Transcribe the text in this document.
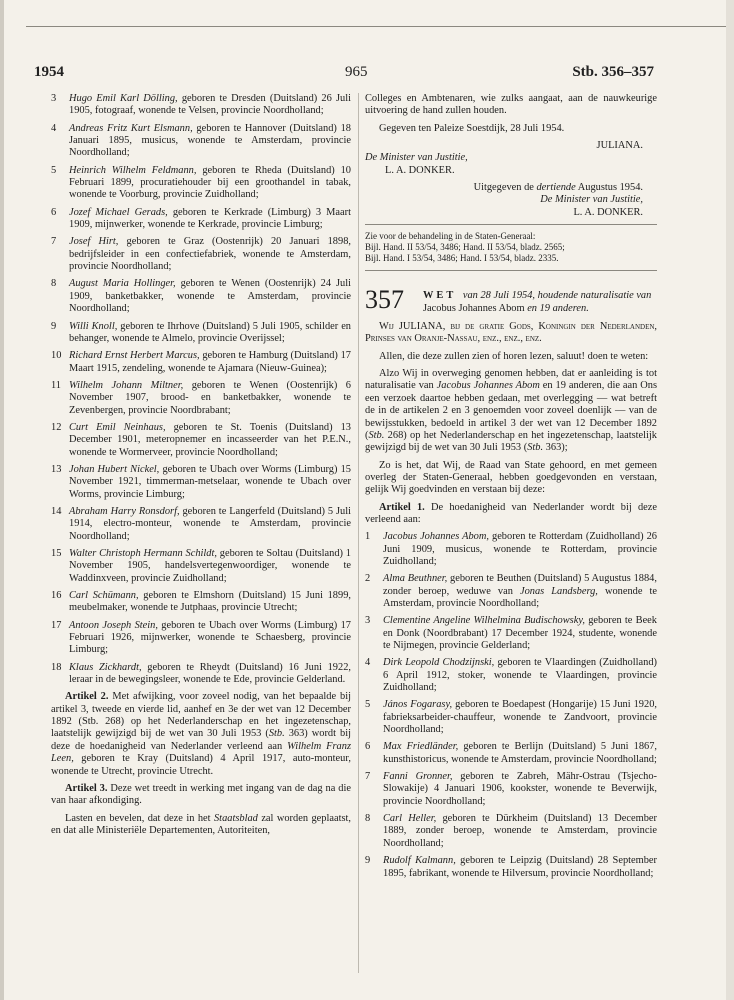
1954	965	Stb. 356–357
3	Hugo Emil Karl Dölling, geboren te Dresden (Duitsland) 26 Juli 1905, fotograaf, wonende te Velsen, provincie Noordholland;
4	Andreas Fritz Kurt Elsmann, geboren te Hannover (Duitsland) 18 Januari 1895, musicus, wonende te Amsterdam, provincie Noordholland;
5	Heinrich Wilhelm Feldmann, geboren te Rheda (Duitsland) 10 Februari 1899, procuratiehouder bij een groothandel in tabak, wonende te Voorburg, provincie Zuidholland;
6	Jozef Michael Gerads, geboren te Kerkrade (Limburg) 3 Maart 1909, mijnwerker, wonende te Kerkrade, provincie Limburg;
7	Josef Hirt, geboren te Graz (Oostenrijk) 20 Januari 1898, bedrijfsleider in een confectiefabriek, wonende te Amsterdam, provincie Noordholland;
8	August Maria Hollinger, geboren te Wenen (Oostenrijk) 24 Juli 1909, banketbakker, wonende te Amsterdam, provincie Noordholland;
9	Willi Knoll, geboren te Ihrhove (Duitsland) 5 Juli 1905, schilder en behanger, wonende te Almelo, provincie Overijssel;
10 Richard Ernst Herbert Marcus, geboren te Hamburg (Duitsland) 17 Maart 1915, zendeling, wonende te Ajamara (Nieuw-Guinea);
11 Wilhelm Johann Miltner, geboren te Wenen (Oostenrijk) 6 November 1907, brood- en banketbakker, wonende te Zevenbergen, provincie Noordbrabant;
12 Curt Emil Neinhaus, geboren te St. Toenis (Duitsland) 13 December 1901, meteropnemer en incasseerder van het P.E.N., wonende te Wormerveer, provincie Noordholland;
13 Johan Hubert Nickel, geboren te Ubach over Worms (Limburg) 15 November 1921, timmerman-metselaar, wonende te Ubach over Worms, provincie Limburg;
14 Abraham Harry Ronsdorf, geboren te Langerfeld (Duitsland) 5 Juli 1914, electro-monteur, wonende te Amsterdam, provincie Noordholland;
15 Walter Christoph Hermann Schildt, geboren te Soltau (Duitsland) 1 November 1905, handelsvertegenwoordiger, wonende te Waddinxveen, provincie Zuidholland;
16 Carl Schümann, geboren te Elmshorn (Duitsland) 15 Juni 1899, meubelmaker, wonende te Jutphaas, provincie Utrecht;
17 Antoon Joseph Stein, geboren te Ubach over Worms (Limburg) 17 Februari 1926, mijnwerker, wonende te Schaesberg, provincie Limburg;
18 Klaus Zickhardt, geboren te Rheydt (Duitsland) 16 Juni 1922, leraar in de bewegingsleer, wonende te Ede, provincie Gelderland.
Artikel 2. Met afwijking, voor zoveel nodig, van het bepaalde bij artikel 3, tweede en vierde lid, aanhef en 3e der wet van 12 December 1892 (Stb. 268) op het Nederlanderschap en het ingezetenschap, laatstelijk gewijzigd bij de wet van 30 Juli 1953 (Stb. 363) wordt bij deze de hoedanigheid van Nederlander verleend aan Wilhelm Franz Leen, geboren te Kray (Duitsland) 4 April 1917, auto-monteur, wonende te Utrecht, provincie Utrecht.
Artikel 3. Deze wet treedt in werking met ingang van de dag na die van haar afkondiging.
Lasten en bevelen, dat deze in het Staatsblad zal worden geplaatst, en dat alle Ministeriële Departementen, Autoriteiten,
Colleges en Ambtenaren, wie zulks aangaat, aan de nauwkeurige uitvoering de hand zullen houden.
Gegeven ten Paleize Soestdijk, 28 Juli 1954.
JULIANA.
De Minister van Justitie,
L. A. DONKER.
Uitgegeven de dertiende Augustus 1954.
De Minister van Justitie,
L. A. DONKER.
Zie voor de behandeling in de Staten-Generaal:
Bijl. Hand. II 53/54, 3486; Hand. II 53/54, bladz. 2565;
Bijl. Hand. I 53/54, 3486; Hand. I 53/54, bladz. 2335.
357	WET van 28 Juli 1954, houdende naturalisatie van Jacobus Johannes Abom en 19 anderen.
Wij JULIANA, bij de gratie Gods, Koningin der Nederlanden, Prinses van Oranje-Nassau, enz., enz., enz.
Allen, die deze zullen zien of horen lezen, saluut! doen te weten:
Alzo Wij in overweging genomen hebben, dat er aanleiding is tot naturalisatie van Jacobus Johannes Abom en 19 anderen, die aan Ons een verzoek daartoe hebben gedaan, met overlegging — wat betreft de in de artikelen 2 en 3 genoemden voor zoveel doenlijk — van de bewijsstukken, bedoeld in artikel 3 der wet van 12 December 1892 (Stb. 268) op het Nederlanderschap en het ingezetenschap, laatstelijk gewijzigd bij de wet van 30 Juli 1953 (Stb. 363);
Zo is het, dat Wij, de Raad van State gehoord, en met gemeen overleg der Staten-Generaal, hebben goedgevonden en verstaan, gelijk Wij goedvinden en verstaan bij deze:
Artikel 1. De hoedanigheid van Nederlander wordt bij deze verleend aan:
1	Jacobus Johannes Abom, geboren te Rotterdam (Zuidholland) 26 Juni 1909, musicus, wonende te Rotterdam, provincie Zuidholland;
2	Alma Beuthner, geboren te Beuthen (Duitsland) 5 Augustus 1884, zonder beroep, weduwe van Jonas Landsberg, wonende te Amsterdam, provincie Noordholland;
3	Clementine Angeline Wilhelmina Budischowsky, geboren te Beek en Donk (Noordbrabant) 17 December 1924, studente, wonende te Nijmegen, provincie Gelderland;
4	Dirk Leopold Chodzijnski, geboren te Vlaardingen (Zuidholland) 6 April 1912, stoker, wonende te Vlaardingen, provincie Zuidholland;
5	János Fogarasy, geboren te Boedapest (Hongarije) 15 Juni 1920, fabrieksarbeider-chauffeur, wonende te Zandvoort, provincie Noordholland;
6	Max Friedländer, geboren te Berlijn (Duitsland) 5 Juni 1867, kunsthistoricus, wonende te Amsterdam, provincie Noordholland;
7	Fanni Gronner, geboren te Zabreh, Mähr-Ostrau (Tsjecho-Slowakije) 4 Januari 1906, kookster, wonende te Beverwijk, provincie Noordholland;
8	Carl Heller, geboren te Dürkheim (Duitsland) 13 December 1889, zonder beroep, wonende te Amsterdam, provincie Noordholland;
9	Rudolf Kalmann, geboren te Leipzig (Duitsland) 28 September 1895, fabrikant, wonende te Hilversum, provincie Noordholland;
